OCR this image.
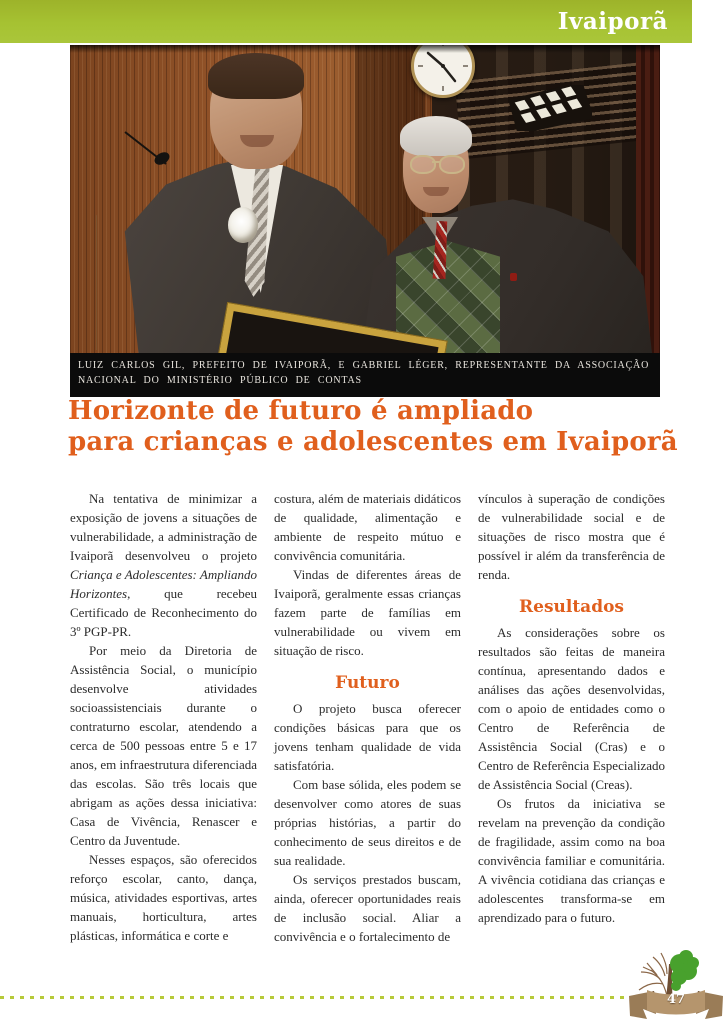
Ivaiporã
LUIZ CARLOS GIL, PREFEITO DE IVAIPORÃ, E GABRIEL LÉGER, REPRESENTANTE DA ASSOCIAÇÃO NACIONAL DO MINISTÉRIO PÚBLICO DE CONTAS
Horizonte de futuro é ampliado
para crianças e adolescentes em Ivaiporã

Na tentativa de minimizar a exposição de jovens a situações de vulnerabilidade, a administração de Ivaiporã desenvolveu o projeto Criança e Adolescentes: Ampliando Horizontes, que recebeu Certificado de Reconhecimento do 3º PGP-PR.

Por meio da Diretoria de Assistência Social, o município desenvolve atividades socioassistenciais durante o contraturno escolar, atendendo a cerca de 500 pessoas entre 5 e 17 anos, em infraestrutura diferenciada das escolas. São três locais que abrigam as ações dessa iniciativa: Casa de Vivência, Renascer e Centro da Juventude.

Nesses espaços, são oferecidos reforço escolar, canto, dança, música, atividades esportivas, artes manuais, horticultura, artes plásticas, informática e corte e

costura, além de materiais didáticos de qualidade, alimentação e ambiente de respeito mútuo e convivência comunitária.

Vindas de diferentes áreas de Ivaiporã, geralmente essas crianças fazem parte de famílias em vulnerabilidade ou vivem em situação de risco.

Futuro

O projeto busca oferecer condições básicas para que os jovens tenham qualidade de vida satisfatória.

Com base sólida, eles podem se desenvolver como atores de suas próprias histórias, a partir do conhecimento de seus direitos e de sua realidade.

Os serviços prestados buscam, ainda, oferecer oportunidades reais de inclusão social. Aliar a convivência e o fortalecimento de

vínculos à superação de condições de vulnerabilidade social e de situações de risco mostra que é possível ir além da transferência de renda.

Resultados

As considerações sobre os resultados são feitas de maneira contínua, apresentando dados e análises das ações desenvolvidas, com o apoio de entidades como o Centro de Referência de Assistência Social (Cras) e o Centro de Referência Especializado de Assistência Social (Creas).

Os frutos da iniciativa se revelam na prevenção da condição de fragilidade, assim como na boa convivência familiar e comunitária. A vivência cotidiana das crianças e adolescentes transforma-se em aprendizado para o futuro.

47
